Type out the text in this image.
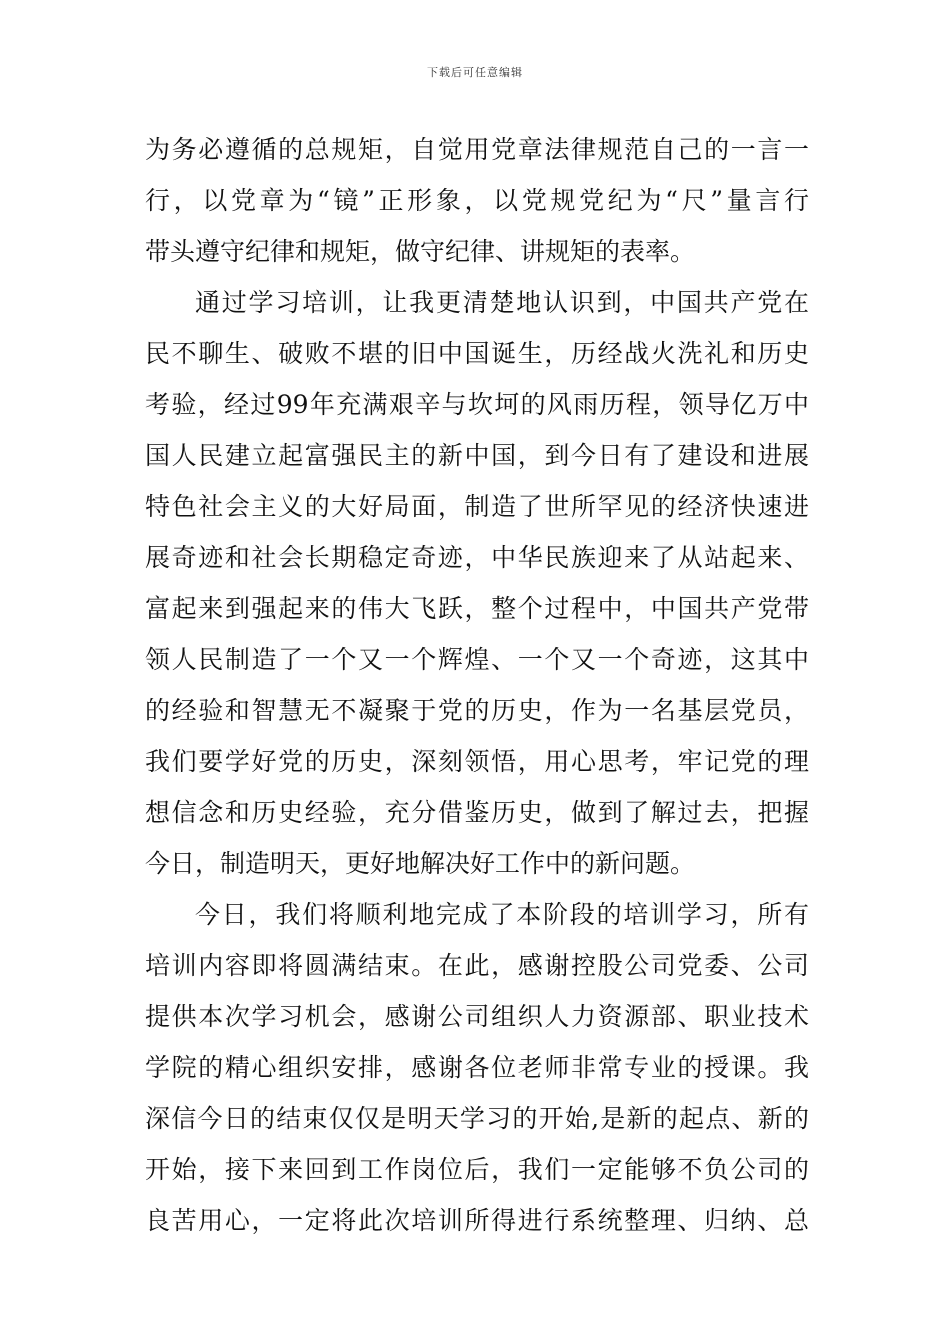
下载后可任意编辑
为务必遵循的总规矩，自觉用党章法律规范自己的一言一
行，以党章为“镜”正形象，以党规党纪为“尺”量言行
带头遵守纪律和规矩，做守纪律、讲规矩的表率。
通过学习培训，让我更清楚地认识到，中国共产党在
民不聊生、破败不堪的旧中国诞生，历经战火洗礼和历史
考验，经过99年充满艰辛与坎坷的风雨历程，领导亿万中
国人民建立起富强民主的新中国，到今日有了建设和进展
特色社会主义的大好局面，制造了世所罕见的经济快速进
展奇迹和社会长期稳定奇迹，中华民族迎来了从站起来、
富起来到强起来的伟大飞跃，整个过程中，中国共产党带
领人民制造了一个又一个辉煌、一个又一个奇迹，这其中
的经验和智慧无不凝聚于党的历史，作为一名基层党员，
我们要学好党的历史，深刻领悟，用心思考，牢记党的理
想信念和历史经验，充分借鉴历史，做到了解过去，把握
今日，制造明天，更好地解决好工作中的新问题。
今日，我们将顺利地完成了本阶段的培训学习，所有
培训内容即将圆满结束。在此，感谢控股公司党委、公司
提供本次学习机会，感谢公司组织人力资源部、职业技术
学院的精心组织安排，感谢各位老师非常专业的授课。我
深信今日的结束仅仅是明天学习的开始,是新的起点、新的
开始，接下来回到工作岗位后，我们一定能够不负公司的
良苦用心，一定将此次培训所得进行系统整理、归纳、总
